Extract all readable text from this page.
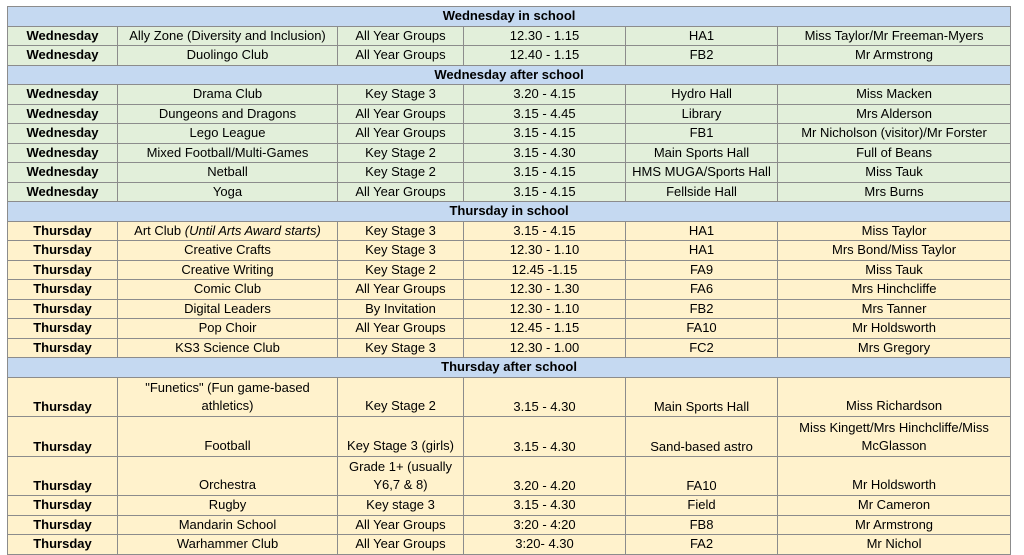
Wednesday in school					
Wednesday	Ally Zone (Diversity and Inclusion)	All Year Groups	12.30 - 1.15	HA1	Miss Taylor/Mr Freeman-Myers
Wednesday	Duolingo Club	All Year Groups	12.40 - 1.15	FB2	Mr Armstrong
Wednesday after school					
Wednesday	Drama Club	Key Stage 3	3.20 - 4.15	Hydro Hall	Miss Macken
Wednesday	Dungeons and Dragons	All Year Groups	3.15 - 4.45	Library	Mrs Alderson
Wednesday	Lego League	All Year Groups	3.15 - 4.15	FB1	Mr Nicholson (visitor)/Mr Forster
Wednesday	Mixed Football/Multi-Games	Key Stage 2	3.15 - 4.30	Main Sports Hall	Full of Beans
Wednesday	Netball	Key Stage 2	3.15 - 4.15	HMS MUGA/Sports Hall	Miss Tauk
Wednesday	Yoga	All Year Groups	3.15 - 4.15	Fellside Hall	Mrs Burns
Thursday in school					
Thursday	Art Club (Until Arts Award starts)	Key Stage 3	3.15 - 4.15	HA1	Miss Taylor
Thursday	Creative Crafts	Key Stage 3	12.30 - 1.10	HA1	Mrs Bond/Miss Taylor
Thursday	Creative Writing	Key Stage 2	12.45 -1.15	FA9	Miss Tauk
Thursday	Comic Club	All Year Groups	12.30 - 1.30	FA6	Mrs Hinchcliffe
Thursday	Digital Leaders	By Invitation	12.30 - 1.10	FB2	Mrs Tanner
Thursday	Pop Choir	All Year Groups	12.45 - 1.15	FA10	Mr Holdsworth
Thursday	KS3 Science Club	Key Stage 3	12.30 - 1.00	FC2	Mrs Gregory
Thursday after school					
Thursday	"Funetics" (Fun game-based athletics)	Key Stage 2	3.15 - 4.30	Main Sports Hall	Miss Richardson
Thursday	Football	Key Stage 3 (girls)	3.15 - 4.30	Sand-based astro	Miss Kingett/Mrs Hinchcliffe/Miss McGlasson
Thursday	Orchestra	Grade 1+ (usually Y6,7 & 8)	3.20 - 4.20	FA10	Mr Holdsworth
Thursday	Rugby	Key stage 3	3.15 - 4.30	Field	Mr Cameron
Thursday	Mandarin School	All Year Groups	3:20 - 4:20	FB8	Mr Armstrong
Thursday	Warhammer Club	All Year Groups	3:20- 4.30	FA2	Mr Nichol
